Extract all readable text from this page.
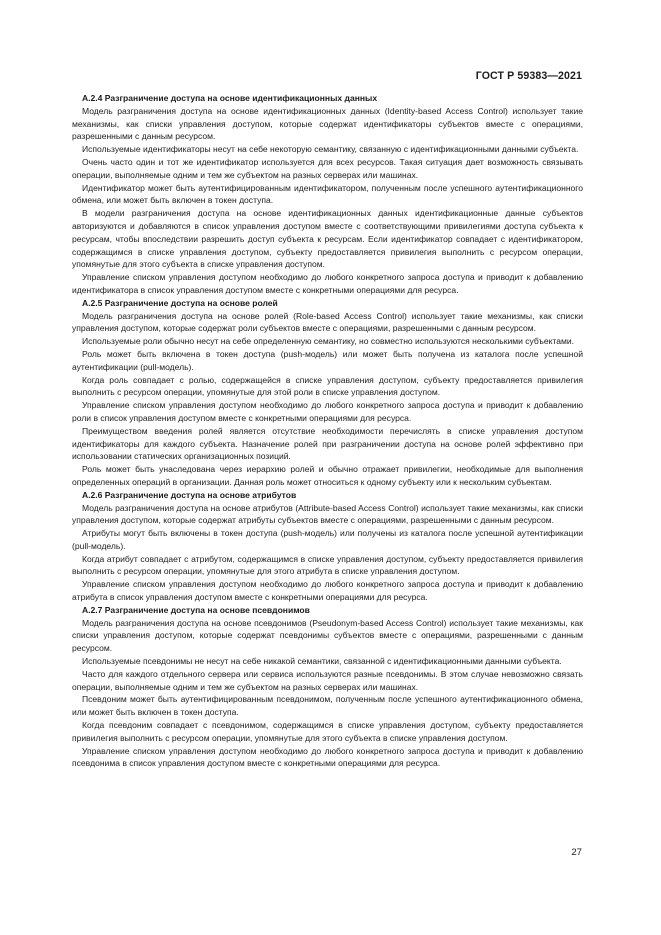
ГОСТ Р 59383—2021

А.2.4 Разграничение доступа на основе идентификационных данных

Модель разграничения доступа на основе идентификационных данных (Identity-based Access Control) использует такие механизмы, как списки управления доступом, которые содержат идентификаторы субъектов вместе с операциями, разрешенными с данным ресурсом.

Используемые идентификаторы несут на себе некоторую семантику, связанную с идентификационными данными субъекта.

Очень часто один и тот же идентификатор используется для всех ресурсов. Такая ситуация дает возможность связывать операции, выполняемые одним и тем же субъектом на разных серверах или машинах.

Идентификатор может быть аутентифицированным идентификатором, полученным после успешного аутентификационного обмена, или может быть включен в токен доступа.

В модели разграничения доступа на основе идентификационных данных идентификационные данные субъектов авторизуются и добавляются в список управления доступом вместе с соответствующими привилегиями доступа субъекта к ресурсам, чтобы впоследствии разрешить доступ субъекта к ресурсам. Если идентификатор совпадает с идентификатором, содержащимся в списке управления доступом, субъекту предоставляется привилегия выполнить с ресурсом операции, упомянутые для этого субъекта в списке управления доступом.

Управление списком управления доступом необходимо до любого конкретного запроса доступа и приводит к добавлению идентификатора в список управления доступом вместе с конкретными операциями для ресурса.

А.2.5 Разграничение доступа на основе ролей

Модель разграничения доступа на основе ролей (Role-based Access Control) использует такие механизмы, как списки управления доступом, которые содержат роли субъектов вместе с операциями, разрешенными с данным ресурсом.

Используемые роли обычно несут на себе определенную семантику, но совместно используются несколькими субъектами.

Роль может быть включена в токен доступа (push-модель) или может быть получена из каталога после успешной аутентификации (pull-модель).

Когда роль совпадает с ролью, содержащейся в списке управления доступом, субъекту предоставляется привилегия выполнить с ресурсом операции, упомянутые для этой роли в списке управления доступом.

Управление списком управления доступом необходимо до любого конкретного запроса доступа и приводит к добавлению роли в список управления доступом вместе с конкретными операциями для ресурса.

Преимуществом введения ролей является отсутствие необходимости перечислять в списке управления доступом идентификаторы для каждого субъекта. Назначение ролей при разграничении доступа на основе ролей эффективно при использовании статических организационных позиций.

Роль может быть унаследована через иерархию ролей и обычно отражает привилегии, необходимые для выполнения определенных операций в организации. Данная роль может относиться к одному субъекту или к нескольким субъектам.

А.2.6 Разграничение доступа на основе атрибутов

Модель разграничения доступа на основе атрибутов (Attribute-based Access Control) использует такие механизмы, как списки управления доступом, которые содержат атрибуты субъектов вместе с операциями, разрешенными с данным ресурсом.

Атрибуты могут быть включены в токен доступа (push-модель) или получены из каталога после успешной аутентификации (pull-модель).

Когда атрибут совпадает с атрибутом, содержащимся в списке управления доступом, субъекту предоставляется привилегия выполнить с ресурсом операции, упомянутые для этого атрибута в списке управления доступом.

Управление списком управления доступом необходимо до любого конкретного запроса доступа и приводит к добавлению атрибута в список управления доступом вместе с конкретными операциями для ресурса.

А.2.7 Разграничение доступа на основе псевдонимов

Модель разграничения доступа на основе псевдонимов (Pseudonym-based Access Control) использует такие механизмы, как списки управления доступом, которые содержат псевдонимы субъектов вместе с операциями, разрешенными с данным ресурсом.

Используемые псевдонимы не несут на себе никакой семантики, связанной с идентификационными данными субъекта.

Часто для каждого отдельного сервера или сервиса используются разные псевдонимы. В этом случае невозможно связать операции, выполняемые одним и тем же субъектом на разных серверах или машинах.

Псевдоним может быть аутентифицированным псевдонимом, полученным после успешного аутентификационного обмена, или может быть включен в токен доступа.

Когда псевдоним совпадает с псевдонимом, содержащимся в списке управления доступом, субъекту предоставляется привилегия выполнить с ресурсом операции, упомянутые для этого субъекта в списке управления доступом.

Управление списком управления доступом необходимо до любого конкретного запроса доступа и приводит к добавлению псевдонима в список управления доступом вместе с конкретными операциями для ресурса.

27
